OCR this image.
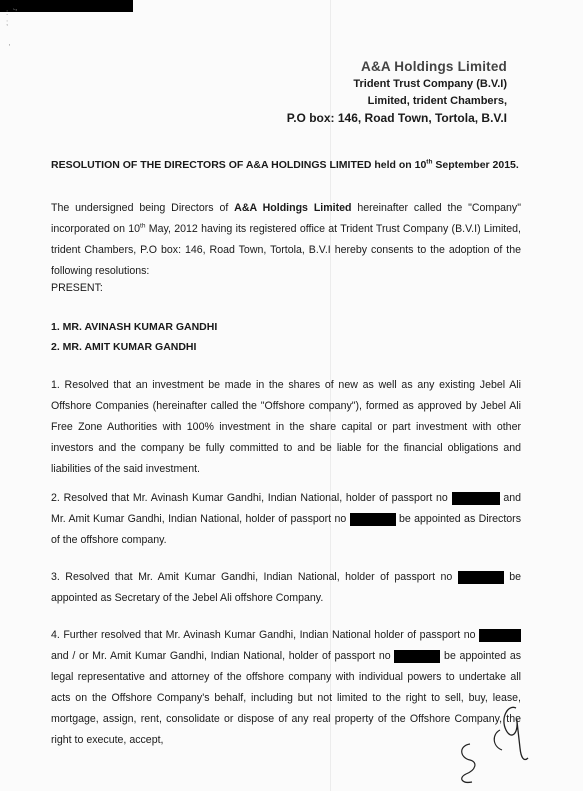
:  `'
;

,
A&A Holdings Limited
Trident Trust Company (B.V.I)
Limited, trident Chambers,
P.O box: 146, Road Town, Tortola, B.V.I
RESOLUTION OF THE DIRECTORS OF A&A HOLDINGS LIMITED held on 10th September 2015.
The undersigned being Directors of A&A Holdings Limited hereinafter called the "Company" incorporated on 10th May, 2012 having its registered office at Trident Trust Company (B.V.I) Limited, trident Chambers, P.O box: 146, Road Town, Tortola, B.V.I hereby consents to the adoption of the following resolutions:
PRESENT:
1. MR. AVINASH KUMAR GANDHI
2. MR. AMIT KUMAR GANDHI
1. Resolved that an investment be made in the shares of new as well as any existing Jebel Ali Offshore Companies (hereinafter called the "Offshore company"), formed as approved by Jebel Ali Free Zone Authorities with 100% investment in the share capital or part investment with other investors and the company be fully committed to and be liable for the financial obligations and liabilities of the said investment.
2. Resolved that Mr. Avinash Kumar Gandhi, Indian National, holder of passport no	and Mr. Amit Kumar Gandhi, Indian National, holder of passport no	be appointed as Directors of the offshore company.
3. Resolved that Mr. Amit Kumar Gandhi, Indian National, holder of passport no	be appointed as Secretary of the Jebel Ali offshore Company.
4. Further resolved that Mr. Avinash Kumar Gandhi, Indian National holder of passport no  and / or Mr. Amit Kumar Gandhi, Indian National, holder of passport no	be appointed as legal representative and attorney of the offshore company with individual powers to undertake all acts on the Offshore Company's behalf, including but not limited to the right to sell, buy, lease, mortgage, assign, rent, consolidate or dispose of any real property of the Offshore Company, the right to execute, accept,
